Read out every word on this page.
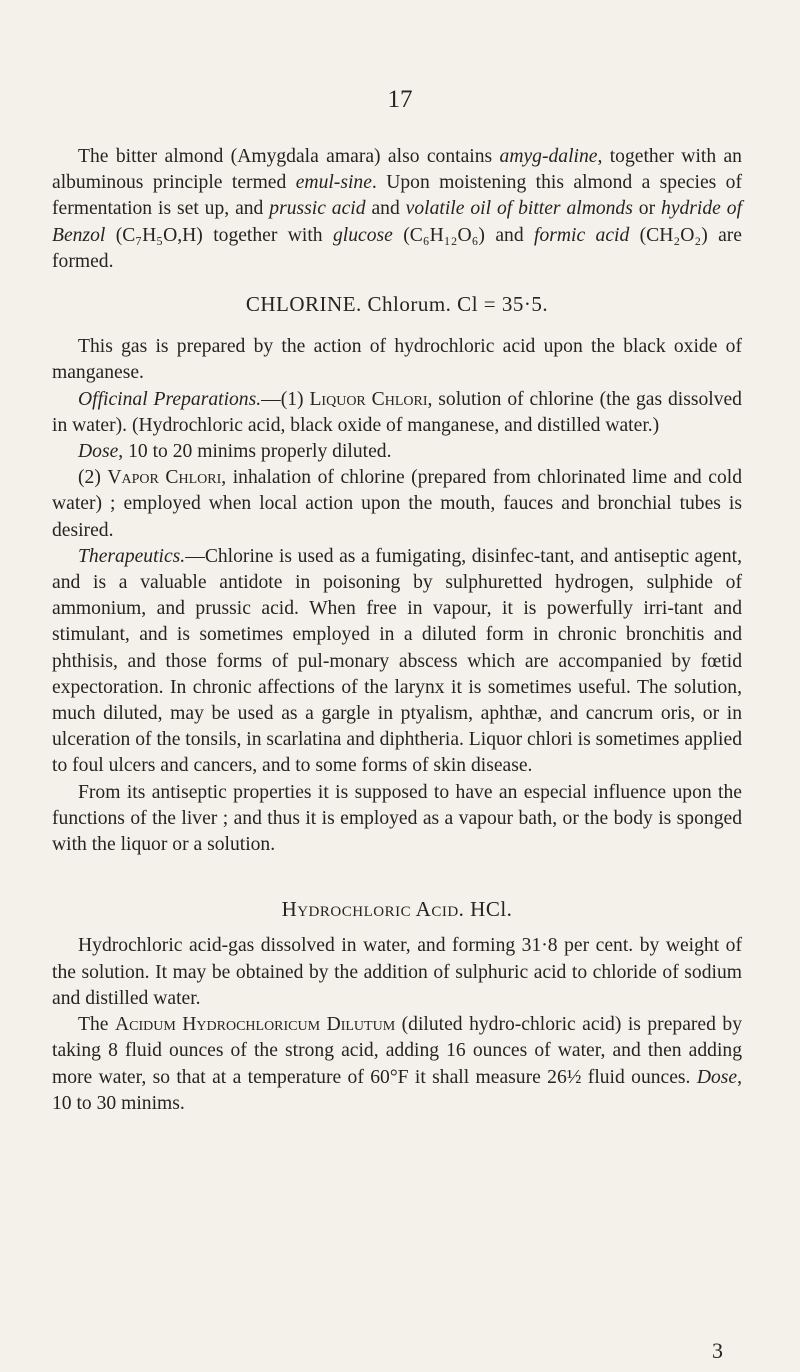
17

The bitter almond (Amygdala amara) also contains amyg-daline, together with an albuminous principle termed emul-sine. Upon moistening this almond a species of fermentation is set up, and prussic acid and volatile oil of bitter almonds or hydride of Benzol (C₇H₅O,H) together with glucose (C₆H₁₂O₆) and formic acid (CH₂O₂) are formed.

CHLORINE. Chlorum. Cl = 35·5.

This gas is prepared by the action of hydrochloric acid upon the black oxide of manganese.

Officinal Preparations.—(1) Liquor Chlori, solution of chlorine (the gas dissolved in water). (Hydrochloric acid, black oxide of manganese, and distilled water.)

Dose, 10 to 20 minims properly diluted.

(2) Vapor Chlori, inhalation of chlorine (prepared from chlorinated lime and cold water) ; employed when local action upon the mouth, fauces and bronchial tubes is desired.

Therapeutics.—Chlorine is used as a fumigating, disinfec-tant, and antiseptic agent, and is a valuable antidote in poisoning by sulphuretted hydrogen, sulphide of ammonium, and prussic acid. When free in vapour, it is powerfully irri-tant and stimulant, and is sometimes employed in a diluted form in chronic bronchitis and phthisis, and those forms of pul-monary abscess which are accompanied by fœtid expectoration. In chronic affections of the larynx it is sometimes useful. The solution, much diluted, may be used as a gargle in ptyalism, aphthæ, and cancrum oris, or in ulceration of the tonsils, in scarlatina and diphtheria. Liquor chlori is sometimes applied to foul ulcers and cancers, and to some forms of skin disease.

From its antiseptic properties it is supposed to have an especial influence upon the functions of the liver ; and thus it is employed as a vapour bath, or the body is sponged with the liquor or a solution.

Hydrochloric Acid. HCl.

Hydrochloric acid-gas dissolved in water, and forming 31·8 per cent. by weight of the solution. It may be obtained by the addition of sulphuric acid to chloride of sodium and distilled water.

The Acidum Hydrochloricum Dilutum (diluted hydro-chloric acid) is prepared by taking 8 fluid ounces of the strong acid, adding 16 ounces of water, and then adding more water, so that at a temperature of 60°F it shall measure 26½ fluid ounces. Dose, 10 to 30 minims.

3
